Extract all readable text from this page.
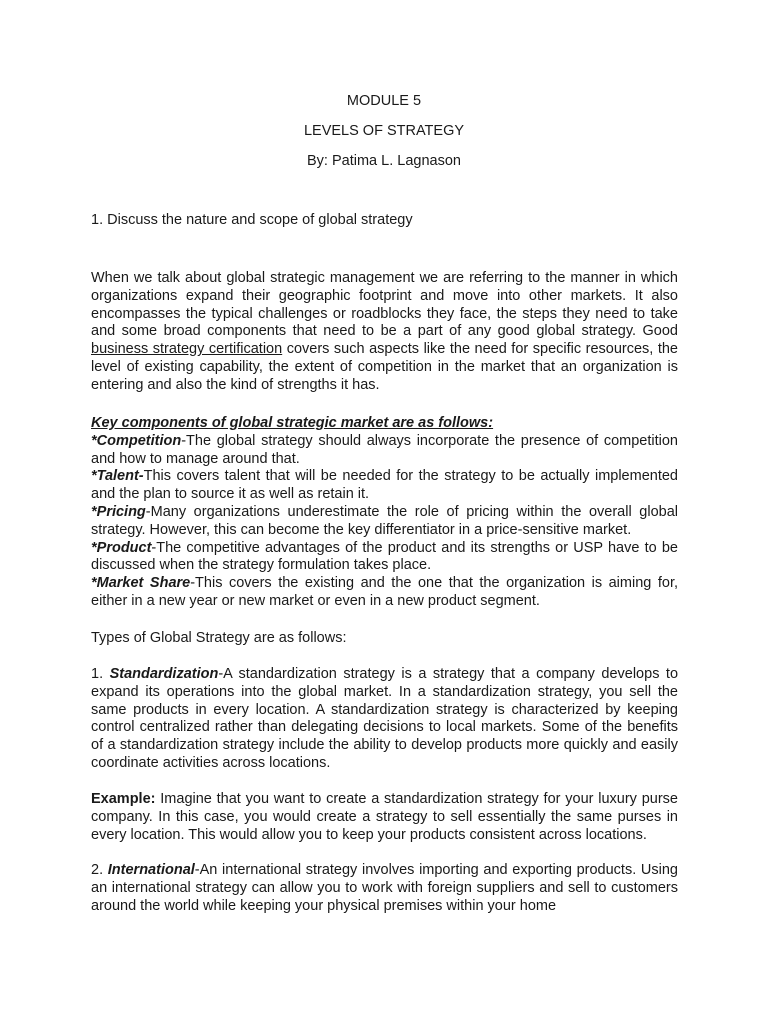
MODULE 5
LEVELS OF STRATEGY
By: Patima L. Lagnason
1. Discuss the nature and scope of global strategy
When we talk about global strategic management we are referring to the manner in which organizations expand their geographic footprint and move into other markets. It also encompasses the typical challenges or roadblocks they face, the steps they need to take and some broad components that need to be a part of any good global strategy. Good business strategy certification covers such aspects like the need for specific resources, the level of existing capability, the extent of competition in the market that an organization is entering and also the kind of strengths it has.

Key components of global strategic market are as follows:

*Competition-The global strategy should always incorporate the presence of competition and how to manage around that.

*Talent-This covers talent that will be needed for the strategy to be actually implemented and the plan to source it as well as retain it.

*Pricing-Many organizations underestimate the role of pricing within the overall global strategy. However, this can become the key differentiator in a price-sensitive market.

*Product-The competitive advantages of the product and its strengths or USP have to be discussed when the strategy formulation takes place.

*Market Share-This covers the existing and the one that the organization is aiming for, either in a new year or new market or even in a new product segment.

Types of Global Strategy are as follows:
1. Standardization-A standardization strategy is a strategy that a company develops to expand its operations into the global market. In a standardization strategy, you sell the same products in every location. A standardization strategy is characterized by keeping control centralized rather than delegating decisions to local markets. Some of the benefits of a standardization strategy include the ability to develop products more quickly and easily coordinate activities across locations.
Example: Imagine that you want to create a standardization strategy for your luxury purse company. In this case, you would create a strategy to sell essentially the same purses in every location. This would allow you to keep your products consistent across locations.
2. International-An international strategy involves importing and exporting products. Using an international strategy can allow you to work with foreign suppliers and sell to customers around the world while keeping your physical premises within your home
